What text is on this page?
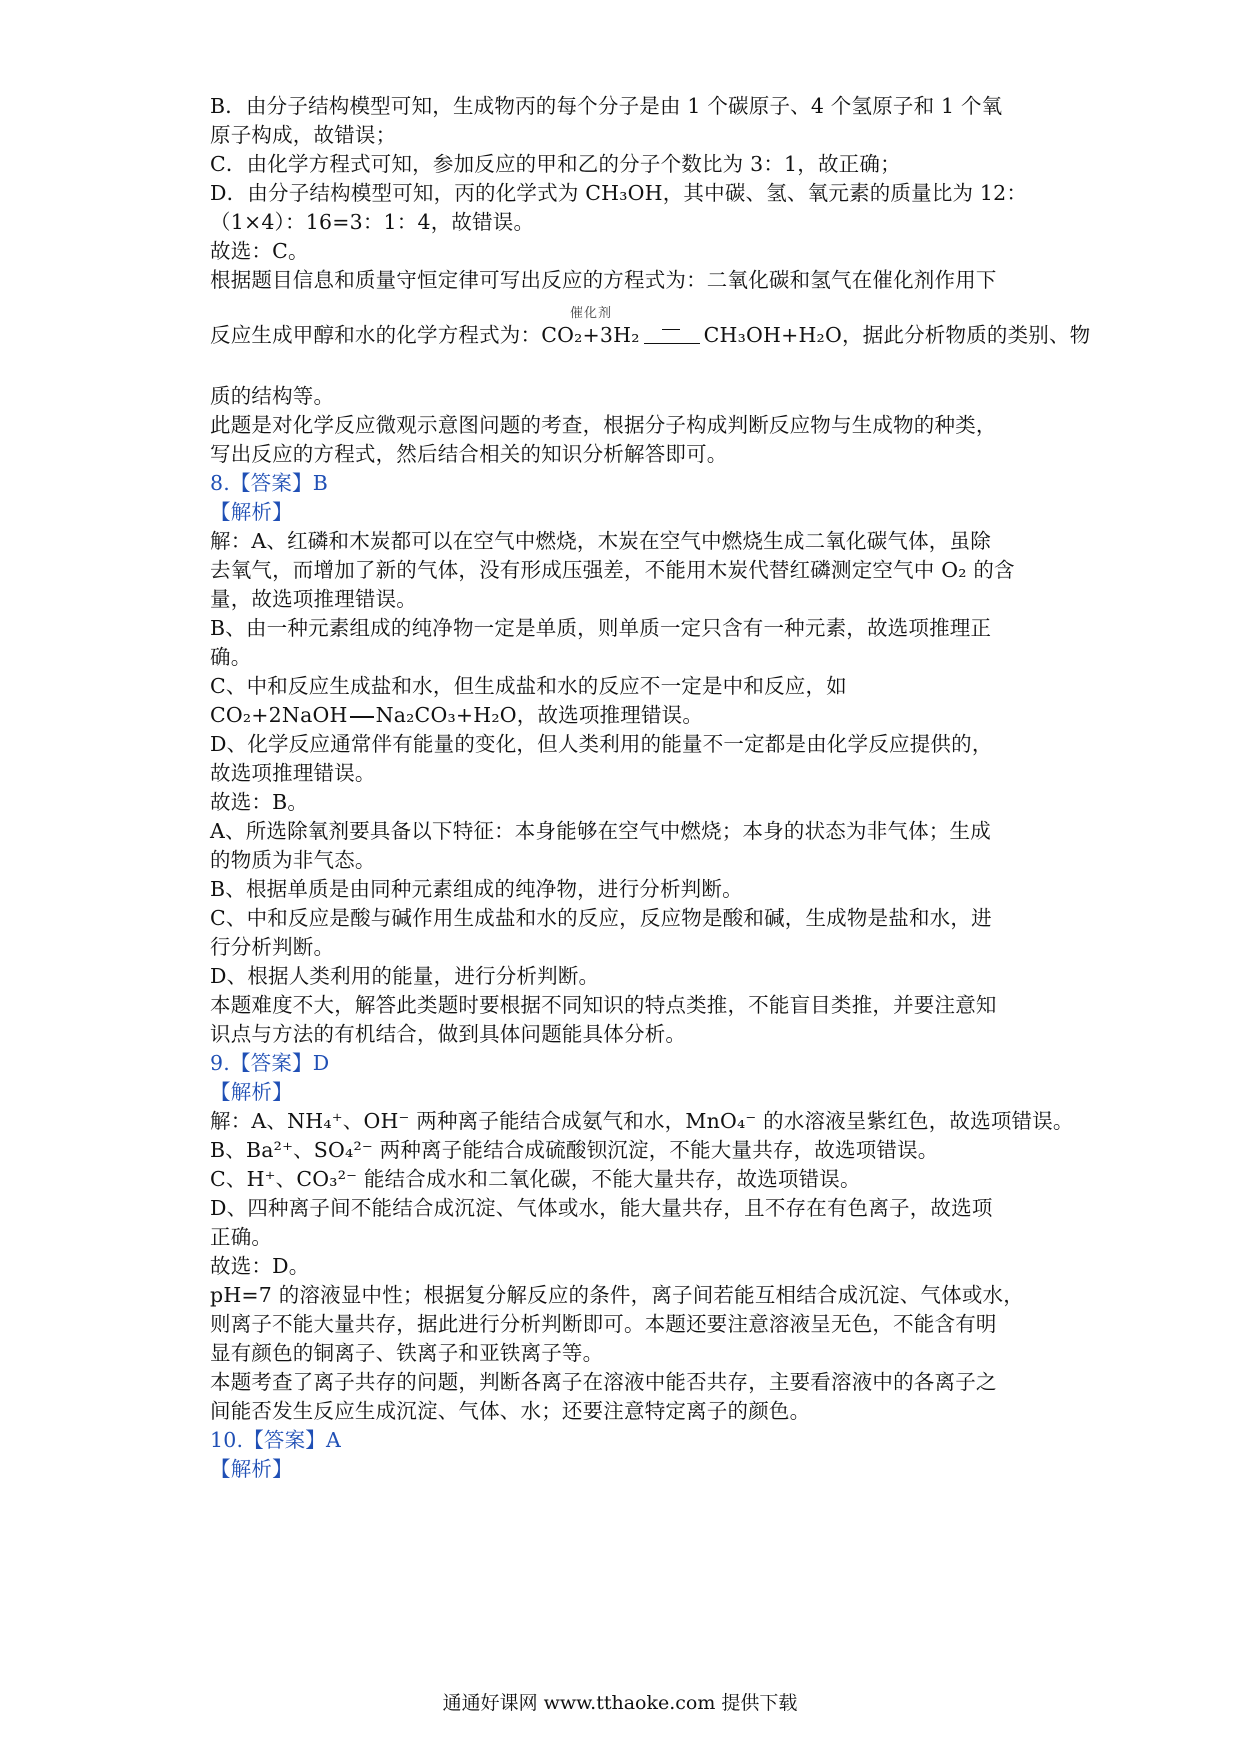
B．由分子结构模型可知，生成物丙的每个分子是由 1 个碳原子、4 个氢原子和 1 个氧
原子构成，故错误；
C．由化学方程式可知，参加反应的甲和乙的分子个数比为 3：1，故正确；
D．由分子结构模型可知，丙的化学式为 CH₃OH，其中碳、氢、氧元素的质量比为 12：
（1×4）：16=3：1：4，故错误。
故选：C。
根据题目信息和质量守恒定律可写出反应的方程式为：二氧化碳和氢气在催化剂作用下
催化剂
反应生成甲醇和水的化学方程式为：CO₂+3H₂	CH₃OH+H₂O，据此分析物质的类别、物
质的结构等。
此题是对化学反应微观示意图问题的考查，根据分子构成判断反应物与生成物的种类，
写出反应的方程式，然后结合相关的知识分析解答即可。
8.【答案】B
【解析】
解：A、红磷和木炭都可以在空气中燃烧，木炭在空气中燃烧生成二氧化碳气体，虽除
去氧气，而增加了新的气体，没有形成压强差，不能用木炭代替红磷测定空气中 O₂ 的含
量，故选项推理错误。
B、由一种元素组成的纯净物一定是单质，则单质一定只含有一种元素，故选项推理正
确。
C、中和反应生成盐和水，但生成盐和水的反应不一定是中和反应，如
CO₂+2NaOH Na₂CO₃+H₂O，故选项推理错误。
D、化学反应通常伴有能量的变化，但人类利用的能量不一定都是由化学反应提供的，
故选项推理错误。
故选：B。
A、所选除氧剂要具备以下特征：本身能够在空气中燃烧；本身的状态为非气体；生成
的物质为非气态。
B、根据单质是由同种元素组成的纯净物，进行分析判断。
C、中和反应是酸与碱作用生成盐和水的反应，反应物是酸和碱，生成物是盐和水，进
行分析判断。
D、根据人类利用的能量，进行分析判断。
本题难度不大，解答此类题时要根据不同知识的特点类推，不能盲目类推，并要注意知
识点与方法的有机结合，做到具体问题能具体分析。
9.【答案】D
【解析】
解：A、NH₄⁺、OH⁻ 两种离子能结合成氨气和水，MnO₄⁻ 的水溶液呈紫红色，故选项错误。
B、Ba²⁺、SO₄²⁻ 两种离子能结合成硫酸钡沉淀，不能大量共存，故选项错误。
C、H⁺、CO₃²⁻ 能结合成水和二氧化碳，不能大量共存，故选项错误。
D、四种离子间不能结合成沉淀、气体或水，能大量共存，且不存在有色离子，故选项
正确。
故选：D。
pH=7 的溶液显中性；根据复分解反应的条件，离子间若能互相结合成沉淀、气体或水，
则离子不能大量共存，据此进行分析判断即可。本题还要注意溶液呈无色，不能含有明
显有颜色的铜离子、铁离子和亚铁离子等。
本题考查了离子共存的问题，判断各离子在溶液中能否共存，主要看溶液中的各离子之
间能否发生反应生成沉淀、气体、水；还要注意特定离子的颜色。
10.【答案】A
【解析】
通通好课网 www.tthaoke.com 提供下载
